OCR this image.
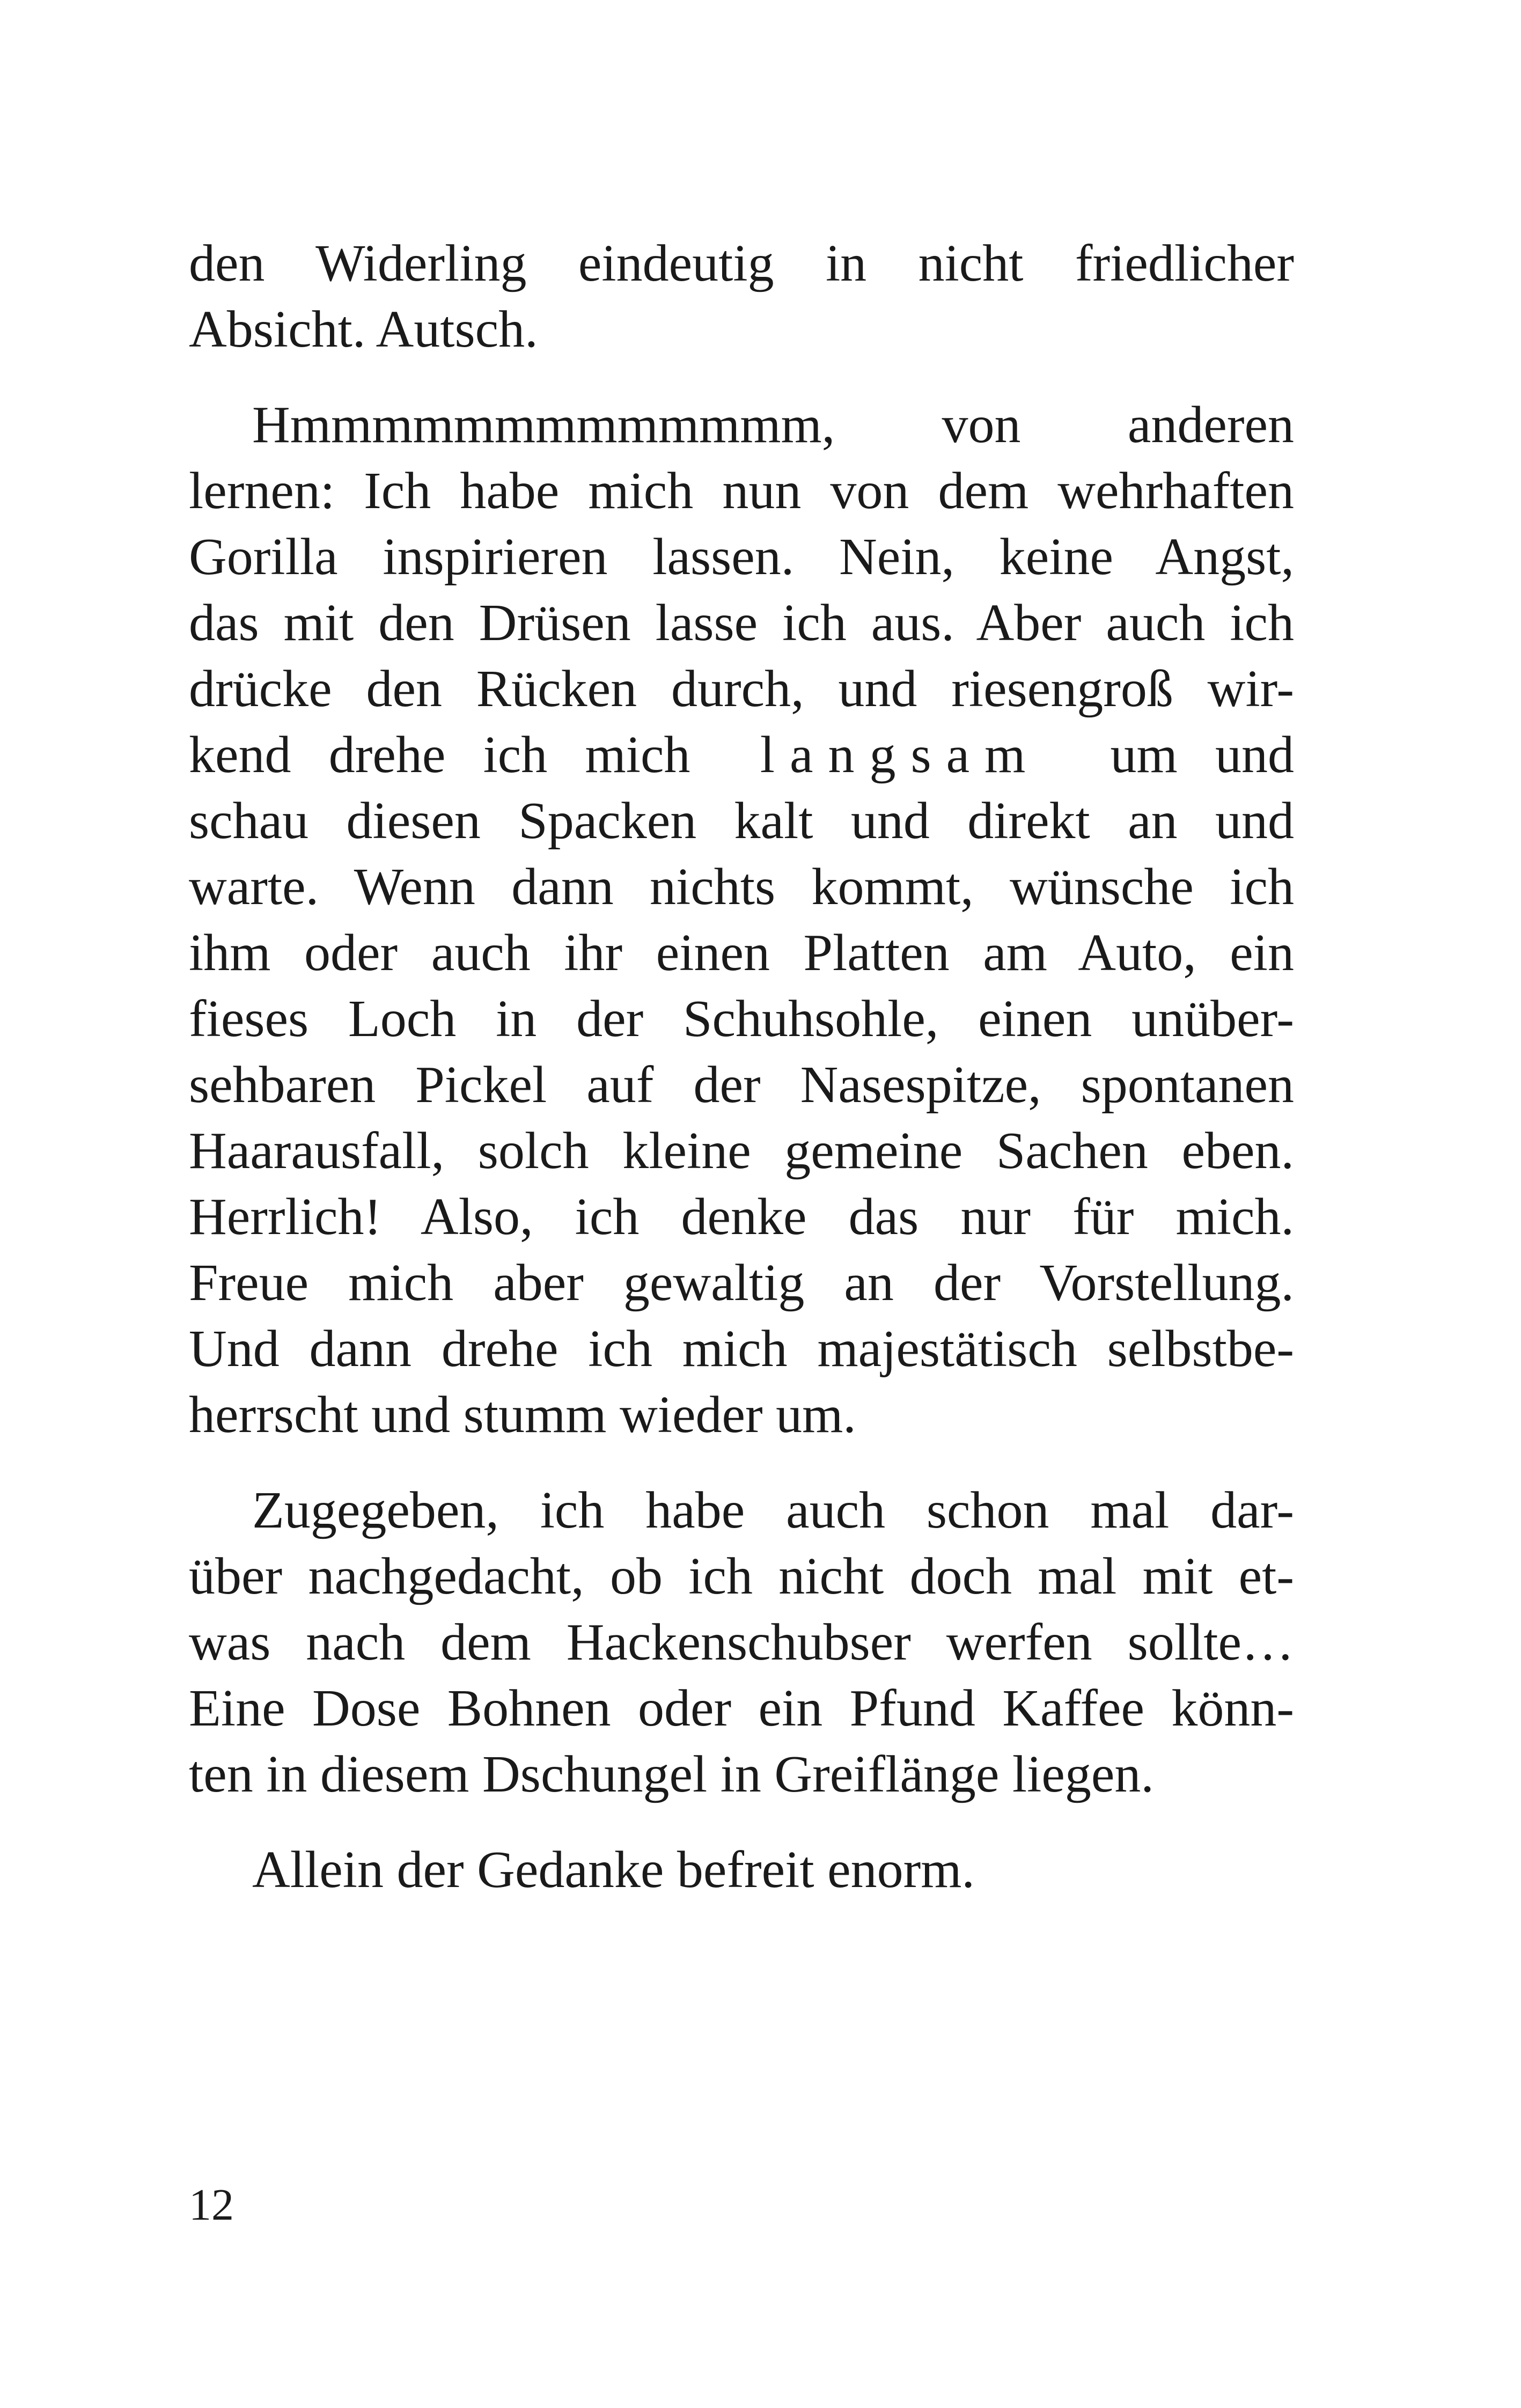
den Widerling eindeutig in nicht friedlicher
Absicht. Autsch.
Hmmmmmmmmmmmmm, von anderen
lernen: Ich habe mich nun von dem wehrhaften
Gorilla inspirieren lassen. Nein, keine Angst,
das mit den Drüsen lasse ich aus. Aber auch ich
drücke den Rücken durch, und riesengroß wir-
kend drehe ich mich langsam um und
schau diesen Spacken kalt und direkt an und
warte. Wenn dann nichts kommt, wünsche ich
ihm oder auch ihr einen Platten am Auto, ein
fieses Loch in der Schuhsohle, einen unüber-
sehbaren Pickel auf der Nasespitze, spontanen
Haarausfall, solch kleine gemeine Sachen eben.
Herrlich! Also, ich denke das nur für mich.
Freue mich aber gewaltig an der Vorstellung.
Und dann drehe ich mich majestätisch selbstbe-
herrscht und stumm wieder um.
Zugegeben, ich habe auch schon mal dar-
über nachgedacht, ob ich nicht doch mal mit et-
was nach dem Hackenschubser werfen sollte…
Eine Dose Bohnen oder ein Pfund Kaffee könn-
ten in diesem Dschungel in Greiflänge liegen.
Allein der Gedanke befreit enorm.
12
